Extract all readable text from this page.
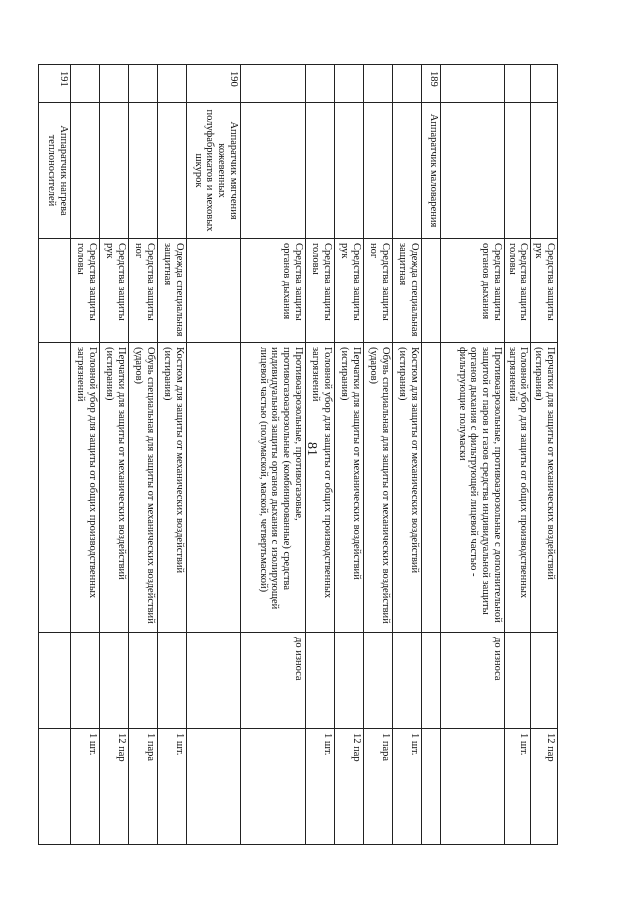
81
		Средства защиты рук	Перчатки для защиты от механических воздействий (истирания)		12 пар
		Средства защиты головы	Головной убор для защиты от общих производственных загрязнений		1 шт.
		Средства защиты органов дыхания	Противоаэрозольные, противоаэрозольные с дополнительной защитой от паров и газов средства индивидуальной защиты органов дыхания с фильтрующей лицевой частью - фильтрующие полумаски	до износа	
189	Аппаратчик маловарения				
		Одежда специальная защитная	Костюм для защиты от механических воздействий (истирания)		1 шт.
		Средства защиты ног	Обувь специальная для защиты от механических воздействий (ударов)		1 пара
		Средства защиты рук	Перчатки для защиты от механических воздействий (истирания)		12 пар
		Средства защиты головы	Головной убор для защиты от общих производственных загрязнений		1 шт.
		Средства защиты органов дыхания	Противоаэрозольные, противогазовые, противогазоаэрозольные (комбинированные) средства индивидуальной защиты органов дыхания с изолирующей лицевой частью (полумаской, маской, четвертьмаской)	до износа	
190	Аппаратчик мягчения кожевенных полуфабрикатов и меховых шкурок				
		Одежда специальная защитная	Костюм для защиты от механических воздействий (истирания)		1 шт.
		Средства защиты ног	Обувь специальная для защиты от механических воздействий (ударов)		1 пара
		Средства защиты рук	Перчатки для защиты от механических воздействий (истирания)		12 пар
		Средства защиты головы	Головной убор для защиты от общих производственных загрязнений		1 шт.
191	Аппаратчик нагрева теплоносителей				
